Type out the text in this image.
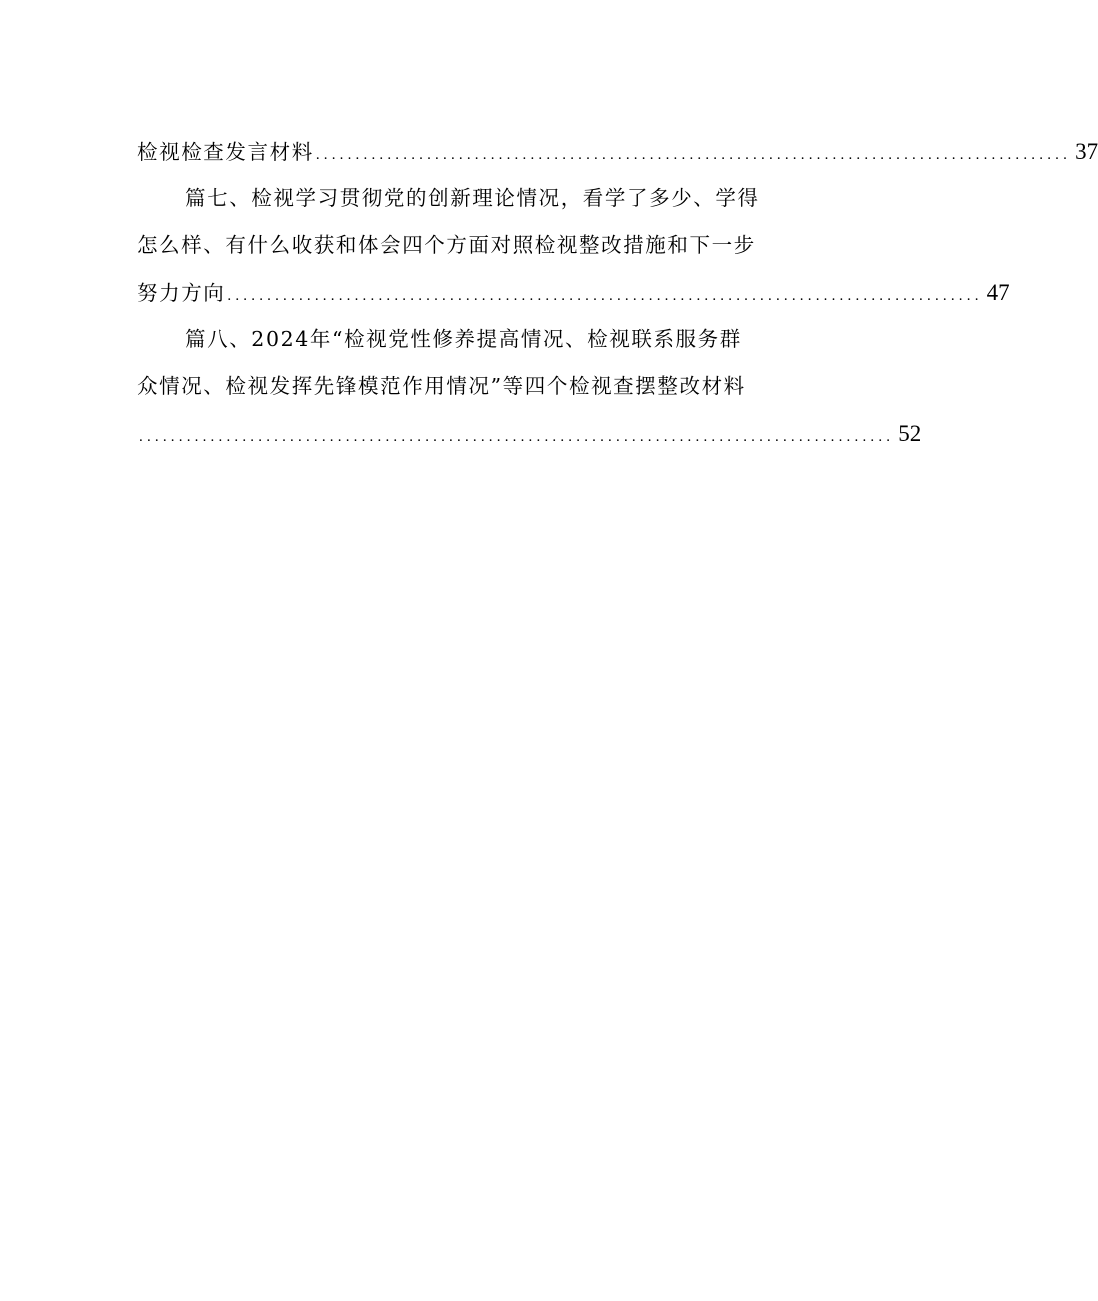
检视检查发言材料 ............................................................................................... 37
篇七、检视学习贯彻党的创新理论情况，看学了多少、学得
怎么样、有什么收获和体会四个方面对照检视整改措施和下一步
努力方向 ............................................................................................... 47
篇八、2024年“检视党性修养提高情况、检视联系服务群
众情况、检视发挥先锋模范作用情况”等四个检视查摆整改材料
............................................................................................... 52
